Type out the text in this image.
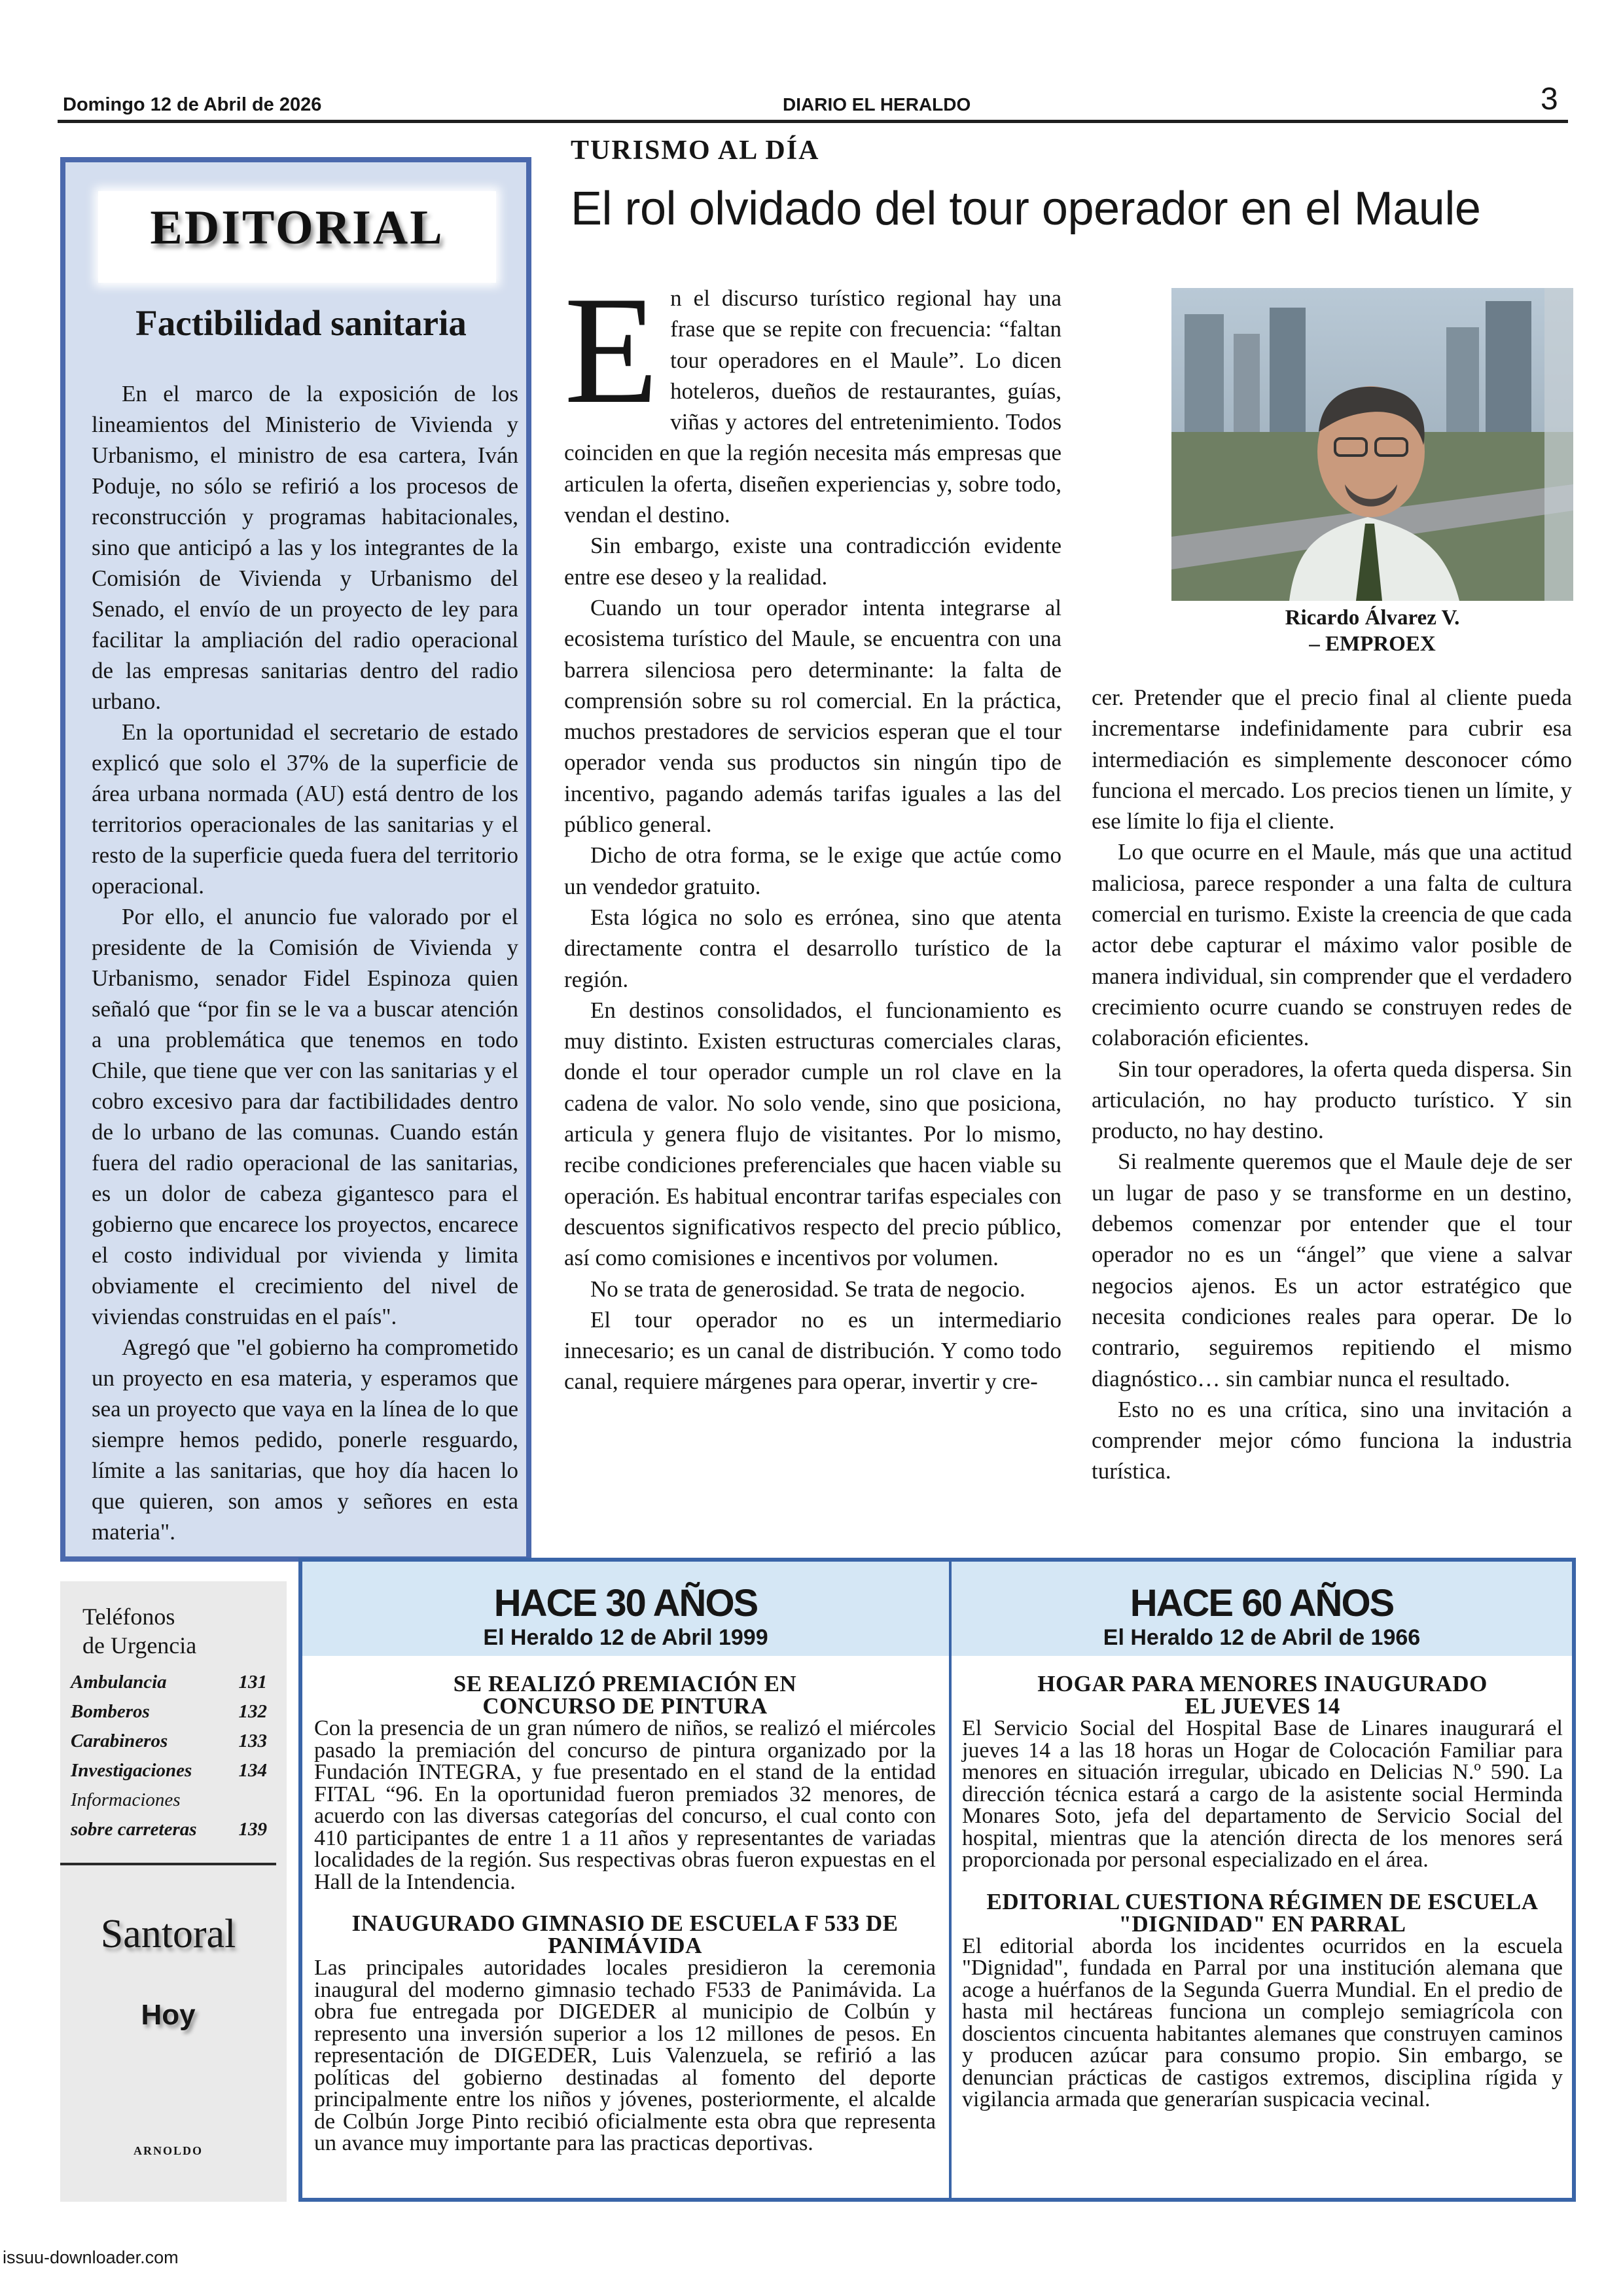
Domingo 12 de Abril de 2026	DIARIO EL HERALDO	3
EDITORIAL
Factibilidad sanitaria

En el marco de la exposición de los lineamientos del Ministerio de Vivienda y Urbanismo, el ministro de esa cartera, Iván Poduje, no sólo se refirió a los procesos de reconstrucción y programas habitacionales, sino que anticipó a las y los integrantes de la Comisión de Vivienda y Urbanismo del Senado, el envío de un proyecto de ley para facilitar la ampliación del radio operacional de las empresas sanitarias dentro del radio urbano.

En la oportunidad el secretario de estado explicó que solo el 37% de la superficie de área urbana normada (AU) está dentro de los territorios operacionales de las sanitarias y el resto de la superficie queda fuera del territorio operacional.

Por ello, el anuncio fue valorado por el presidente de la Comisión de Vivienda y Urbanismo, senador Fidel Espinoza quien señaló que “por fin se le va a buscar atención a una problemática que tenemos en todo Chile, que tiene que ver con las sanitarias y el cobro excesivo para dar factibilidades dentro de lo urbano de las comunas. Cuando están fuera del radio operacional de las sanitarias, es un dolor de cabeza gigantesco para el gobierno que encarece los proyectos, encarece el costo individual por vivienda y limita obviamente el crecimiento del nivel de viviendas construidas en el país".

Agregó que "el gobierno ha comprometido un proyecto en esa materia, y esperamos que sea un proyecto que vaya en la línea de lo que siempre hemos pedido, ponerle resguardo, límite a las sanitarias, que hoy día hacen lo que quieren, son amos y señores en esta materia".

TURISMO AL DÍA
El rol olvidado del tour operador en el Maule

En el discurso turístico regional hay una frase que se repite con frecuencia: “faltan tour operadores en el Maule”. Lo dicen hoteleros, dueños de restaurantes, guías, viñas y actores del entretenimiento. Todos coinciden en que la región necesita más empresas que articulen la oferta, diseñen experiencias y, sobre todo, vendan el destino.

Sin embargo, existe una contradicción evidente entre ese deseo y la realidad.

Cuando un tour operador intenta integrarse al ecosistema turístico del Maule, se encuentra con una barrera silenciosa pero determinante: la falta de comprensión sobre su rol comercial. En la práctica, muchos prestadores de servicios esperan que el tour operador venda sus productos sin ningún tipo de incentivo, pagando además tarifas iguales a las del público general.

Dicho de otra forma, se le exige que actúe como un vendedor gratuito.

Esta lógica no solo es errónea, sino que atenta directamente contra el desarrollo turístico de la región.

En destinos consolidados, el funcionamiento es muy distinto. Existen estructuras comerciales claras, donde el tour operador cumple un rol clave en la cadena de valor. No solo vende, sino que posiciona, articula y genera flujo de visitantes. Por lo mismo, recibe condiciones preferenciales que hacen viable su operación. Es habitual encontrar tarifas especiales con descuentos significativos respecto del precio público, así como comisiones e incentivos por volumen.

No se trata de generosidad. Se trata de negocio.

El tour operador no es un intermediario innecesario; es un canal de distribución. Y como todo canal, requiere márgenes para operar, invertir y cre-

Ricardo Álvarez V.
– EMPROEX

cer. Pretender que el precio final al cliente pueda incrementarse indefinidamente para cubrir esa intermediación es simplemente desconocer cómo funciona el mercado. Los precios tienen un límite, y ese límite lo fija el cliente.

Lo que ocurre en el Maule, más que una actitud maliciosa, parece responder a una falta de cultura comercial en turismo. Existe la creencia de que cada actor debe capturar el máximo valor posible de manera individual, sin comprender que el verdadero crecimiento ocurre cuando se construyen redes de colaboración eficientes.

Sin tour operadores, la oferta queda dispersa. Sin articulación, no hay producto turístico. Y sin producto, no hay destino.

Si realmente queremos que el Maule deje de ser un lugar de paso y se transforme en un destino, debemos comenzar por entender que el tour operador no es un “ángel” que viene a salvar negocios ajenos. Es un actor estratégico que necesita condiciones reales para operar. De lo contrario, seguiremos repitiendo el mismo diagnóstico… sin cambiar nunca el resultado.

Esto no es una crítica, sino una invitación a comprender mejor cómo funciona la industria turística.

Teléfonos
de Urgencia
Ambulancia	131
Bomberos	132
Carabineros	133
Investigaciones 134
Informaciones
sobre carreteras 139
Santoral
Hoy
ARNOLDO
HACE 30 AÑOS
El Heraldo 12 de Abril 1999
HACE 60 AÑOS
El Heraldo 12 de Abril de 1966
SE REALIZÓ PREMIACIÓN EN
CONCURSO DE PINTURA

Con la presencia de un gran número de niños, se realizó el miércoles pasado la premiación del concurso de pintura organizado por la Fundación INTEGRA, y fue presentado en el stand de la entidad FITAL “96. En la oportunidad fueron premiados 32 menores, de acuerdo con las diversas categorías del concurso, el cual conto con 410 participantes de entre 1 a 11 años y representantes de variadas localidades de la región. Sus respectivas obras fueron expuestas en el Hall de la Intendencia.

INAUGURADO GIMNASIO DE ESCUELA F 533 DE
PANIMÁVIDA

Las principales autoridades locales presidieron la ceremonia inaugural del moderno gimnasio techado F533 de Panimávida. La obra fue entregada por DIGEDER al municipio de Colbún y represento una inversión superior a los 12 millones de pesos. En representación de DIGEDER, Luis Valenzuela, se refirió a las políticas del gobierno destinadas al fomento del deporte principalmente entre los niños y jóvenes, posteriormente, el alcalde de Colbún Jorge Pinto recibió oficialmente esta obra que representa un avance muy importante para las practicas deportivas.

HOGAR PARA MENORES INAUGURADO
EL JUEVES 14

El Servicio Social del Hospital Base de Linares inaugurará el jueves 14 a las 18 horas un Hogar de Colocación Familiar para menores en situación irregular, ubicado en Delicias N.º 590. La dirección técnica estará a cargo de la asistente social Herminda Monares Soto, jefa del departamento de Servicio Social del hospital, mientras que la atención directa de los menores será proporcionada por personal especializado en el área.

EDITORIAL CUESTIONA RÉGIMEN DE ESCUELA
"DIGNIDAD" EN PARRAL

El editorial aborda los incidentes ocurridos en la escuela "Dignidad", fundada en Parral por una institución alemana que acoge a huérfanos de la Segunda Guerra Mundial. En el predio de hasta mil hectáreas funciona un complejo semiagrícola con doscientos cincuenta habitantes alemanes que construyen caminos y producen azúcar para consumo propio. Sin embargo, se denuncian prácticas de castigos extremos, disciplina rígida y vigilancia armada que generarían suspicacia vecinal.

issuu-downloader.com
